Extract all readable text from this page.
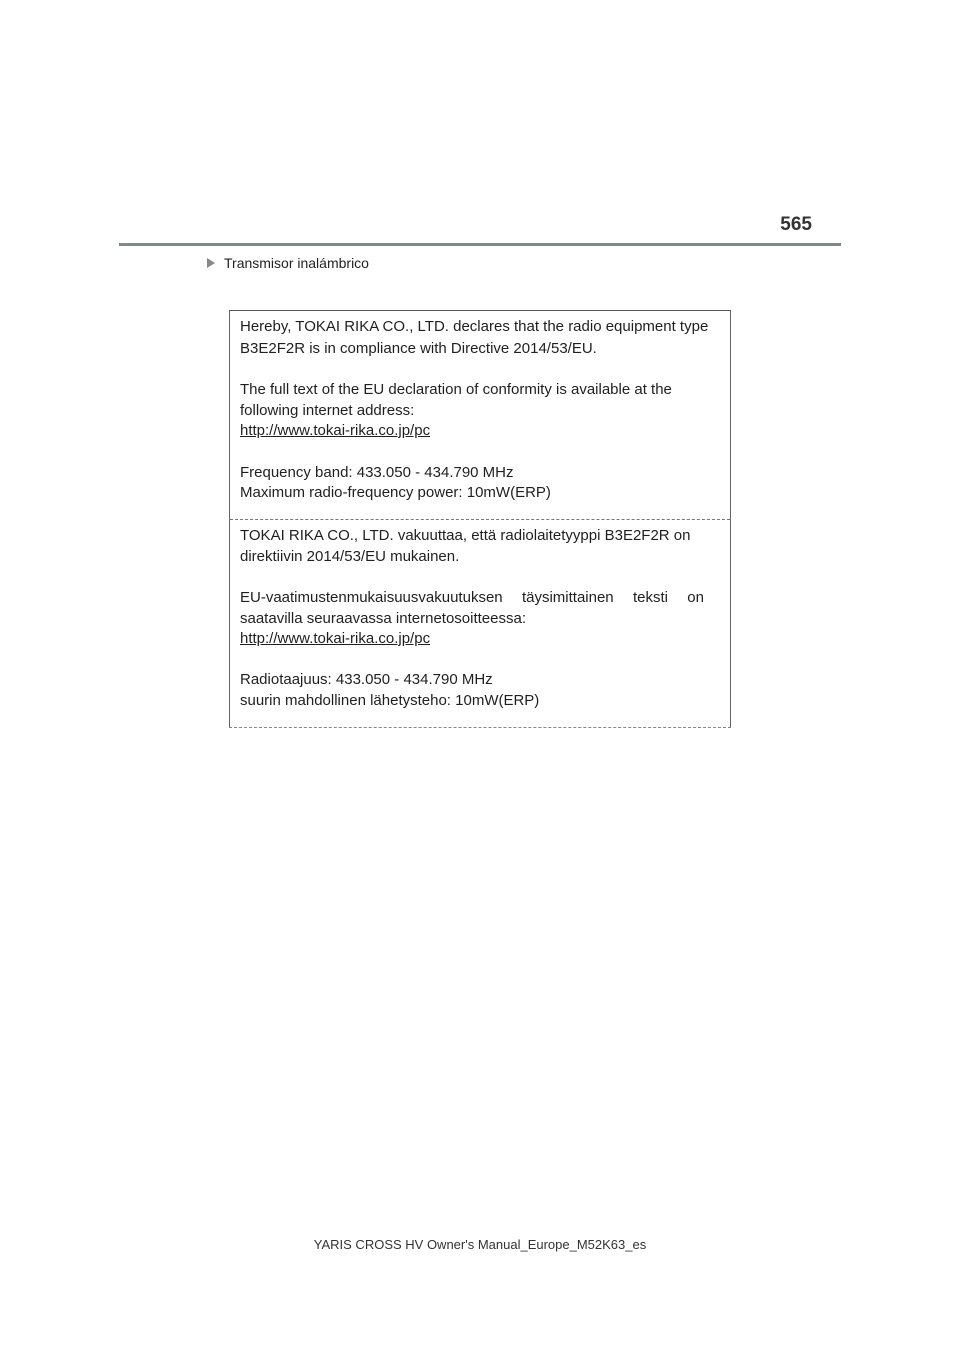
565
Transmisor inalámbrico
Hereby, TOKAI RIKA CO., LTD. declares that the radio equipment type
B3E2F2R is in compliance with Directive 2014/53/EU.
The full text of the EU declaration of conformity is available at the
following internet address:
http://www.tokai-rika.co.jp/pc
Frequency band: 433.050 - 434.790 MHz
Maximum radio-frequency power: 10mW(ERP)
TOKAI RIKA CO., LTD. vakuuttaa, että radiolaitetyyppi B3E2F2R on
direktiivin 2014/53/EU mukainen.
EU-vaatimustenmukaisuusvakuutuksen täysimittainen teksti on
saatavilla seuraavassa internetosoitteessa:
http://www.tokai-rika.co.jp/pc
Radiotaajuus: 433.050 - 434.790 MHz
suurin mahdollinen lähetysteho: 10mW(ERP)
YARIS CROSS HV Owner's Manual_Europe_M52K63_es
